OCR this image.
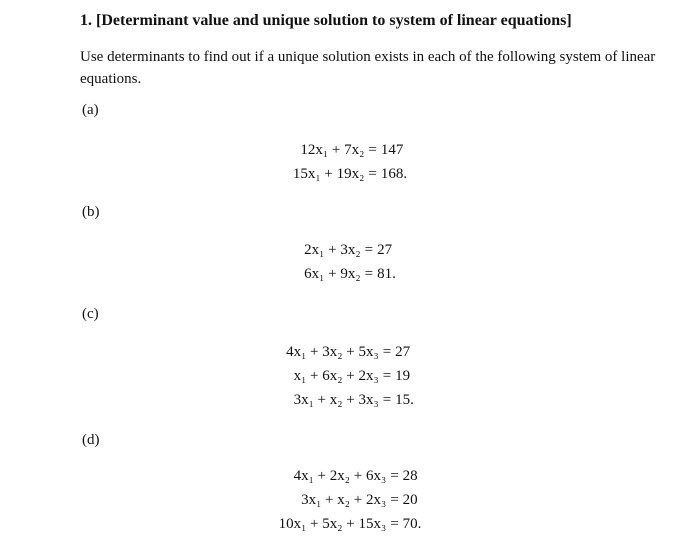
1. [Determinant value and unique solution to system of linear equations]
Use determinants to find out if a unique solution exists in each of the following system of linear equations.
(a)
12x₁ + 7x₂ = 147
15x₁ + 19x₂ = 168.
(b)
2x₁ + 3x₂ = 27
6x₁ + 9x₂ = 81.
(c)
4x₁ + 3x₂ + 5x₃ = 27
x₁ + 6x₂ + 2x₃ = 19
3x₁ + x₂ + 3x₃ = 15.
(d)
4x₁ + 2x₂ + 6x₃ = 28
3x₁ + x₂ + 2x₃ = 20
10x₁ + 5x₂ + 15x₃ = 70.
